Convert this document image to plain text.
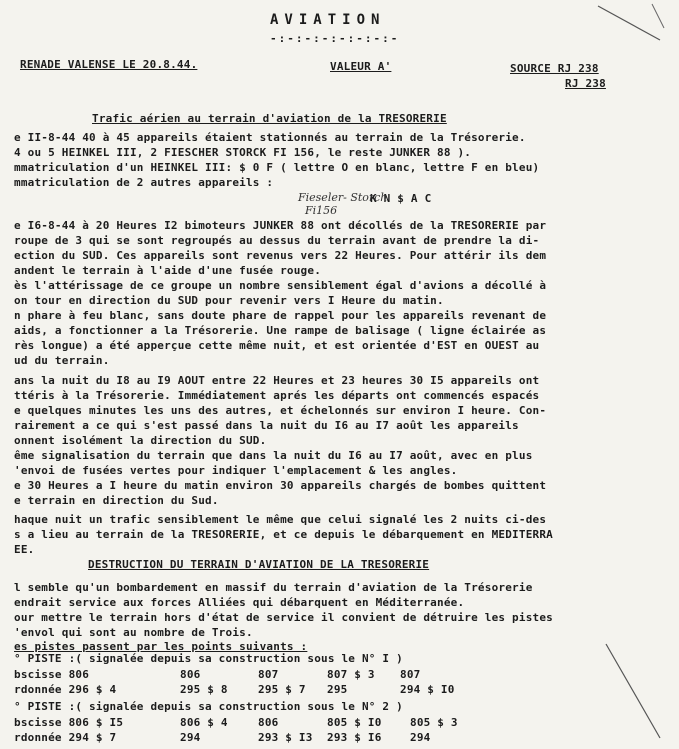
AVIATION
-:-:-:-:-:-:-:-
RENADE VALENSE LE 20.8.44.	VALEUR A'	SOURCE RJ 238
RJ 238
Trafic aérien au terrain d'aviation de la TRESORERIE
e II-8-44 40 à 45 appareils étaient stationnés au terrain de la Trésorerie.
4 ou 5 HEINKEL III, 2 FIESCHER STORCK FI 156, le reste JUNKER 88 ).
mmatriculation d'un HEINKEL III: $ 0 F ( lettre O en blanc, lettre F en bleu)
mmatriculation de 2 autres appareils :
K N $ A C
Fieseler- Storch
Fi156
e I6-8-44 à 20 Heures I2 bimoteurs JUNKER 88 ont décollés de la TRESORERIE par
roupe de 3 qui se sont regroupés au dessus du terrain avant de prendre la di-
ection du SUD. Ces appareils sont revenus vers 22 Heures. Pour attérir ils dem
andent le terrain à l'aide d'une fusée rouge.
ès l'attérissage de ce groupe un nombre sensiblement égal d'avions a décollé à
on tour en direction du SUD pour revenir vers I Heure du matin.
n phare à feu blanc, sans doute phare de rappel pour les appareils revenant de
aids, a fonctionner a la Trésorerie. Une rampe de balisage ( ligne éclairée as
rès longue) a été apperçue cette même nuit, et est orientée d'EST en OUEST au
ud du terrain.
ans la nuit du I8 au I9 AOUT entre 22 Heures et 23 heures 30 I5 appareils ont
ttéris à la Trésorerie. Immédiatement aprés les départs ont commencés espacés
e quelques minutes les uns des autres, et échelonnés sur environ I heure. Con-
rairement a ce qui s'est passé dans la nuit du I6 au I7 août les appareils
onnent isolément la direction du SUD.
ême signalisation du terrain que dans la nuit du I6 au I7 août, avec en plus
'envoi de fusées vertes pour indiquer l'emplacement & les angles.
e 30 Heures a I heure du matin environ 30 appareils chargés de bombes quittent
e terrain en direction du Sud.
haque nuit un trafic sensiblement le même que celui signalé les 2 nuits ci-des
s a lieu au terrain de la TRESORERIE, et ce depuis le débarquement en MEDITERRA
EE.
DESTRUCTION DU TERRAIN D'AVIATION DE LA TRESORERIE
l semble qu'un bombardement en massif du terrain d'aviation de la Trésorerie
endrait service aux forces Alliées qui débarquent en Méditerranée.
our mettre le terrain hors d'état de service il convient de détruire les pistes
'envol qui sont au nombre de Trois.
es pistes passent par les points suivants :
° PISTE :( signalée depuis sa construction sous le N° I )
bscisse 806	806	807	807 $ 3 807
rdonnée 296 $ 4	295 $ 8	295 $ 7 295	294 $ I0
° PISTE :( signalée depuis sa construction sous le N° 2 )
bscisse 806 $ I5	806 $ 4	806	805 $ I0	805 $ 3
rdonnée 294 $ 7	294	293 $ I3 293 $ I6	294
